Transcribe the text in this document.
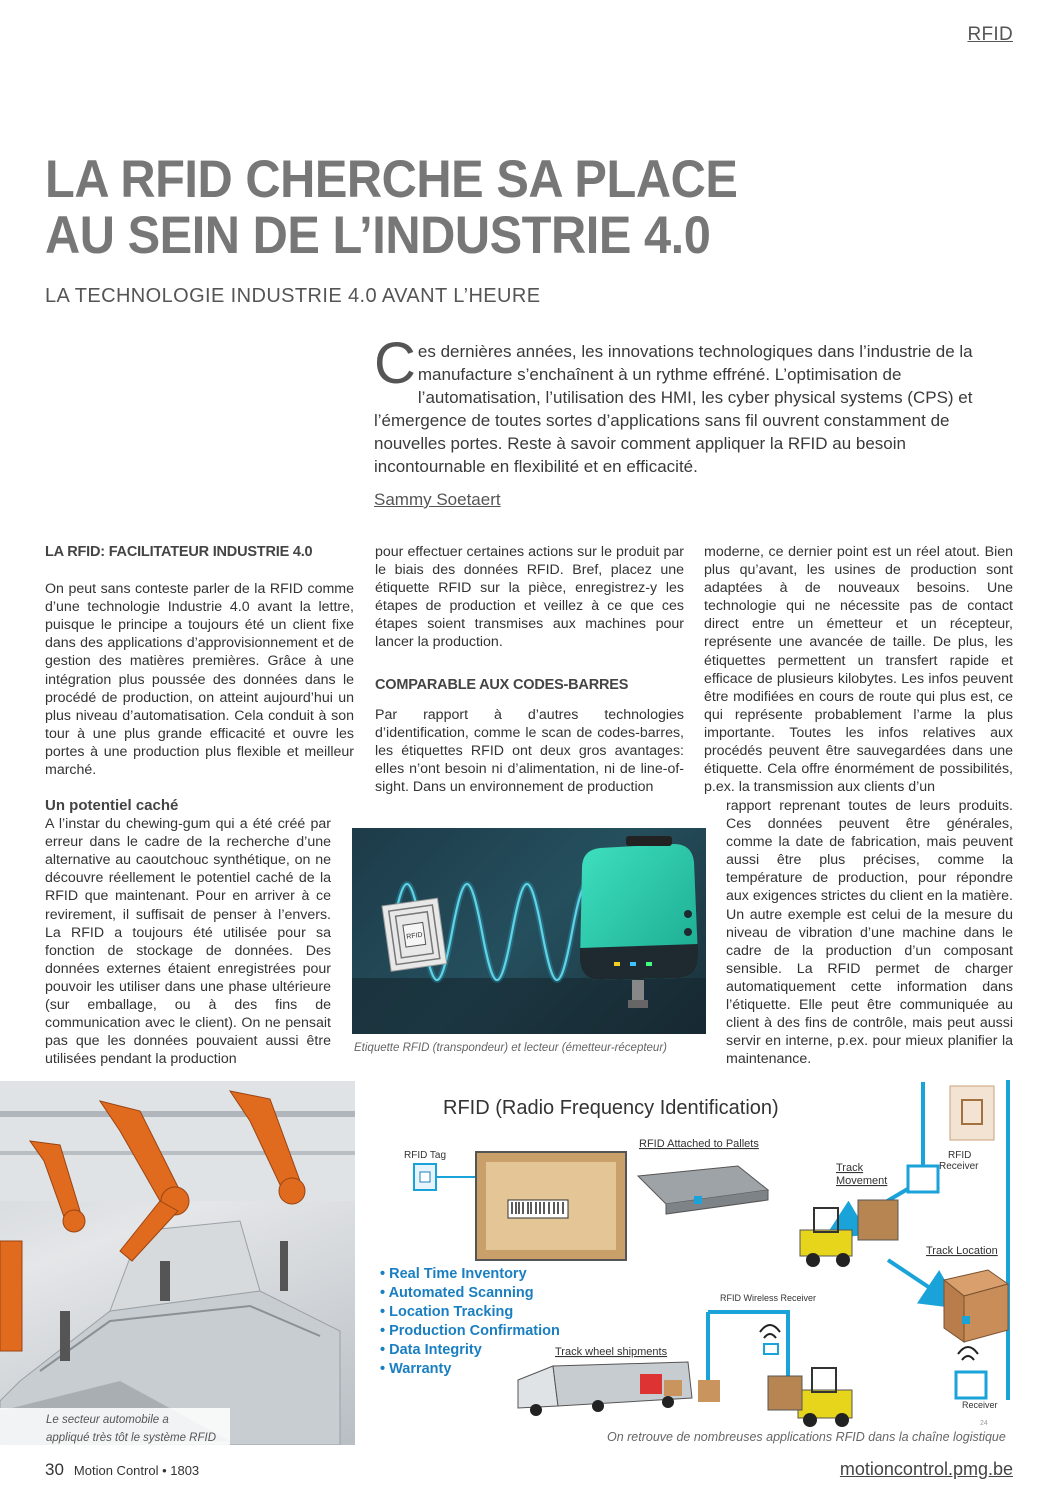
RFID
LA RFID CHERCHE SA PLACE
AU SEIN DE L’INDUSTRIE 4.0
LA TECHNOLOGIE INDUSTRIE 4.0 AVANT L’HEURE

Ces dernières années, les innovations technologiques dans l’industrie de la manufacture s’enchaînent à un rythme effréné. L’optimisation de l’automatisation, l’utilisation des HMI, les cyber physical systems (CPS) et l’émergence de toutes sortes d’applications sans fil ouvrent constamment de nouvelles portes. Reste à savoir comment appliquer la RFID au besoin incontournable en flexibilité et en efficacité.

Sammy Soetaert
LA RFID: FACILITATEUR INDUSTRIE 4.0

On peut sans conteste parler de la RFID comme d’une technologie Industrie 4.0 avant la lettre, puisque le principe a toujours été un client fixe dans des applications d’approvisionnement et de gestion des matières premières. Grâce à une intégration plus poussée des données dans le procédé de production, on atteint aujourd’hui un plus niveau d’automatisation. Cela conduit à son tour à une plus grande efficacité et ouvre les portes à une production plus flexible et meilleur marché.

Un potentiel caché

A l’instar du chewing-gum qui a été créé par erreur dans le cadre de la recherche d’une alternative au caoutchouc synthétique, on ne découvre réellement le potentiel caché de la RFID que maintenant. Pour en arriver à ce revirement, il suffisait de penser à l’envers. La RFID a toujours été utilisée pour sa fonction de stockage de données. Des données externes étaient enregistrées pour pouvoir les utiliser dans une phase ultérieure (sur emballage, ou à des fins de communication avec le client). On ne pensait pas que les données pouvaient aussi être utilisées pendant la production

pour effectuer certaines actions sur le produit par le biais des données RFID. Bref, placez une étiquette RFID sur la pièce, enregistrez-y les étapes de production et veillez à ce que ces étapes soient transmises aux machines pour lancer la production.

COMPARABLE AUX CODES-BARRES

Par rapport à d’autres technologies d’identification, comme le scan de codes-barres, les étiquettes RFID ont deux gros avantages: elles n’ont besoin ni d’alimentation, ni de line-of-sight. Dans un environnement de production

moderne, ce dernier point est un réel atout. Bien plus qu’avant, les usines de production sont adaptées à de nouveaux besoins. Une technologie qui ne nécessite pas de contact direct entre un émetteur et un récepteur, représente une avancée de taille. De plus, les étiquettes permettent un transfert rapide et efficace de plusieurs kilobytes. Les infos peuvent être modifiées en cours de route qui plus est, ce qui représente probablement l’arme la plus importante. Toutes les infos relatives aux procédés peuvent être sauvegardées dans une étiquette. Cela offre énormément de possibilités, p.ex. la transmission aux clients d’un

rapport reprenant toutes de leurs produits. Ces données peuvent être générales, comme la date de fabrication, mais peuvent aussi être plus précises, comme la température de production, pour répondre aux exigences strictes du client en la matière. Un autre exemple est celui de la mesure du niveau de vibration d’une machine dans le cadre de la production d’un composant sensible. La RFID permet de charger automatiquement cette information dans l’étiquette. Elle peut être communiquée au client à des fins de contrôle, mais peut aussi servir en interne, p.ex. pour mieux planifier la maintenance.

RFID
Etiquette RFID (transpondeur) et lecteur (émetteur-récepteur)
Le secteur automobile a
appliqué très tôt le système RFID
RFID (Radio Frequency Identification)
RFID Tag
RFID Attached to Pallets
Track
Movement
RFID
Receiver
Track Location
• Real Time Inventory
• Automated Scanning
• Location Tracking
• Production Confirmation
• Data Integrity
• Warranty
RFID Wireless Receiver
Track wheel shipments
Receiver
24
On retrouve de nombreuses applications RFID dans la chaîne logistique
30 Motion Control • 1803	motioncontrol.pmg.be
